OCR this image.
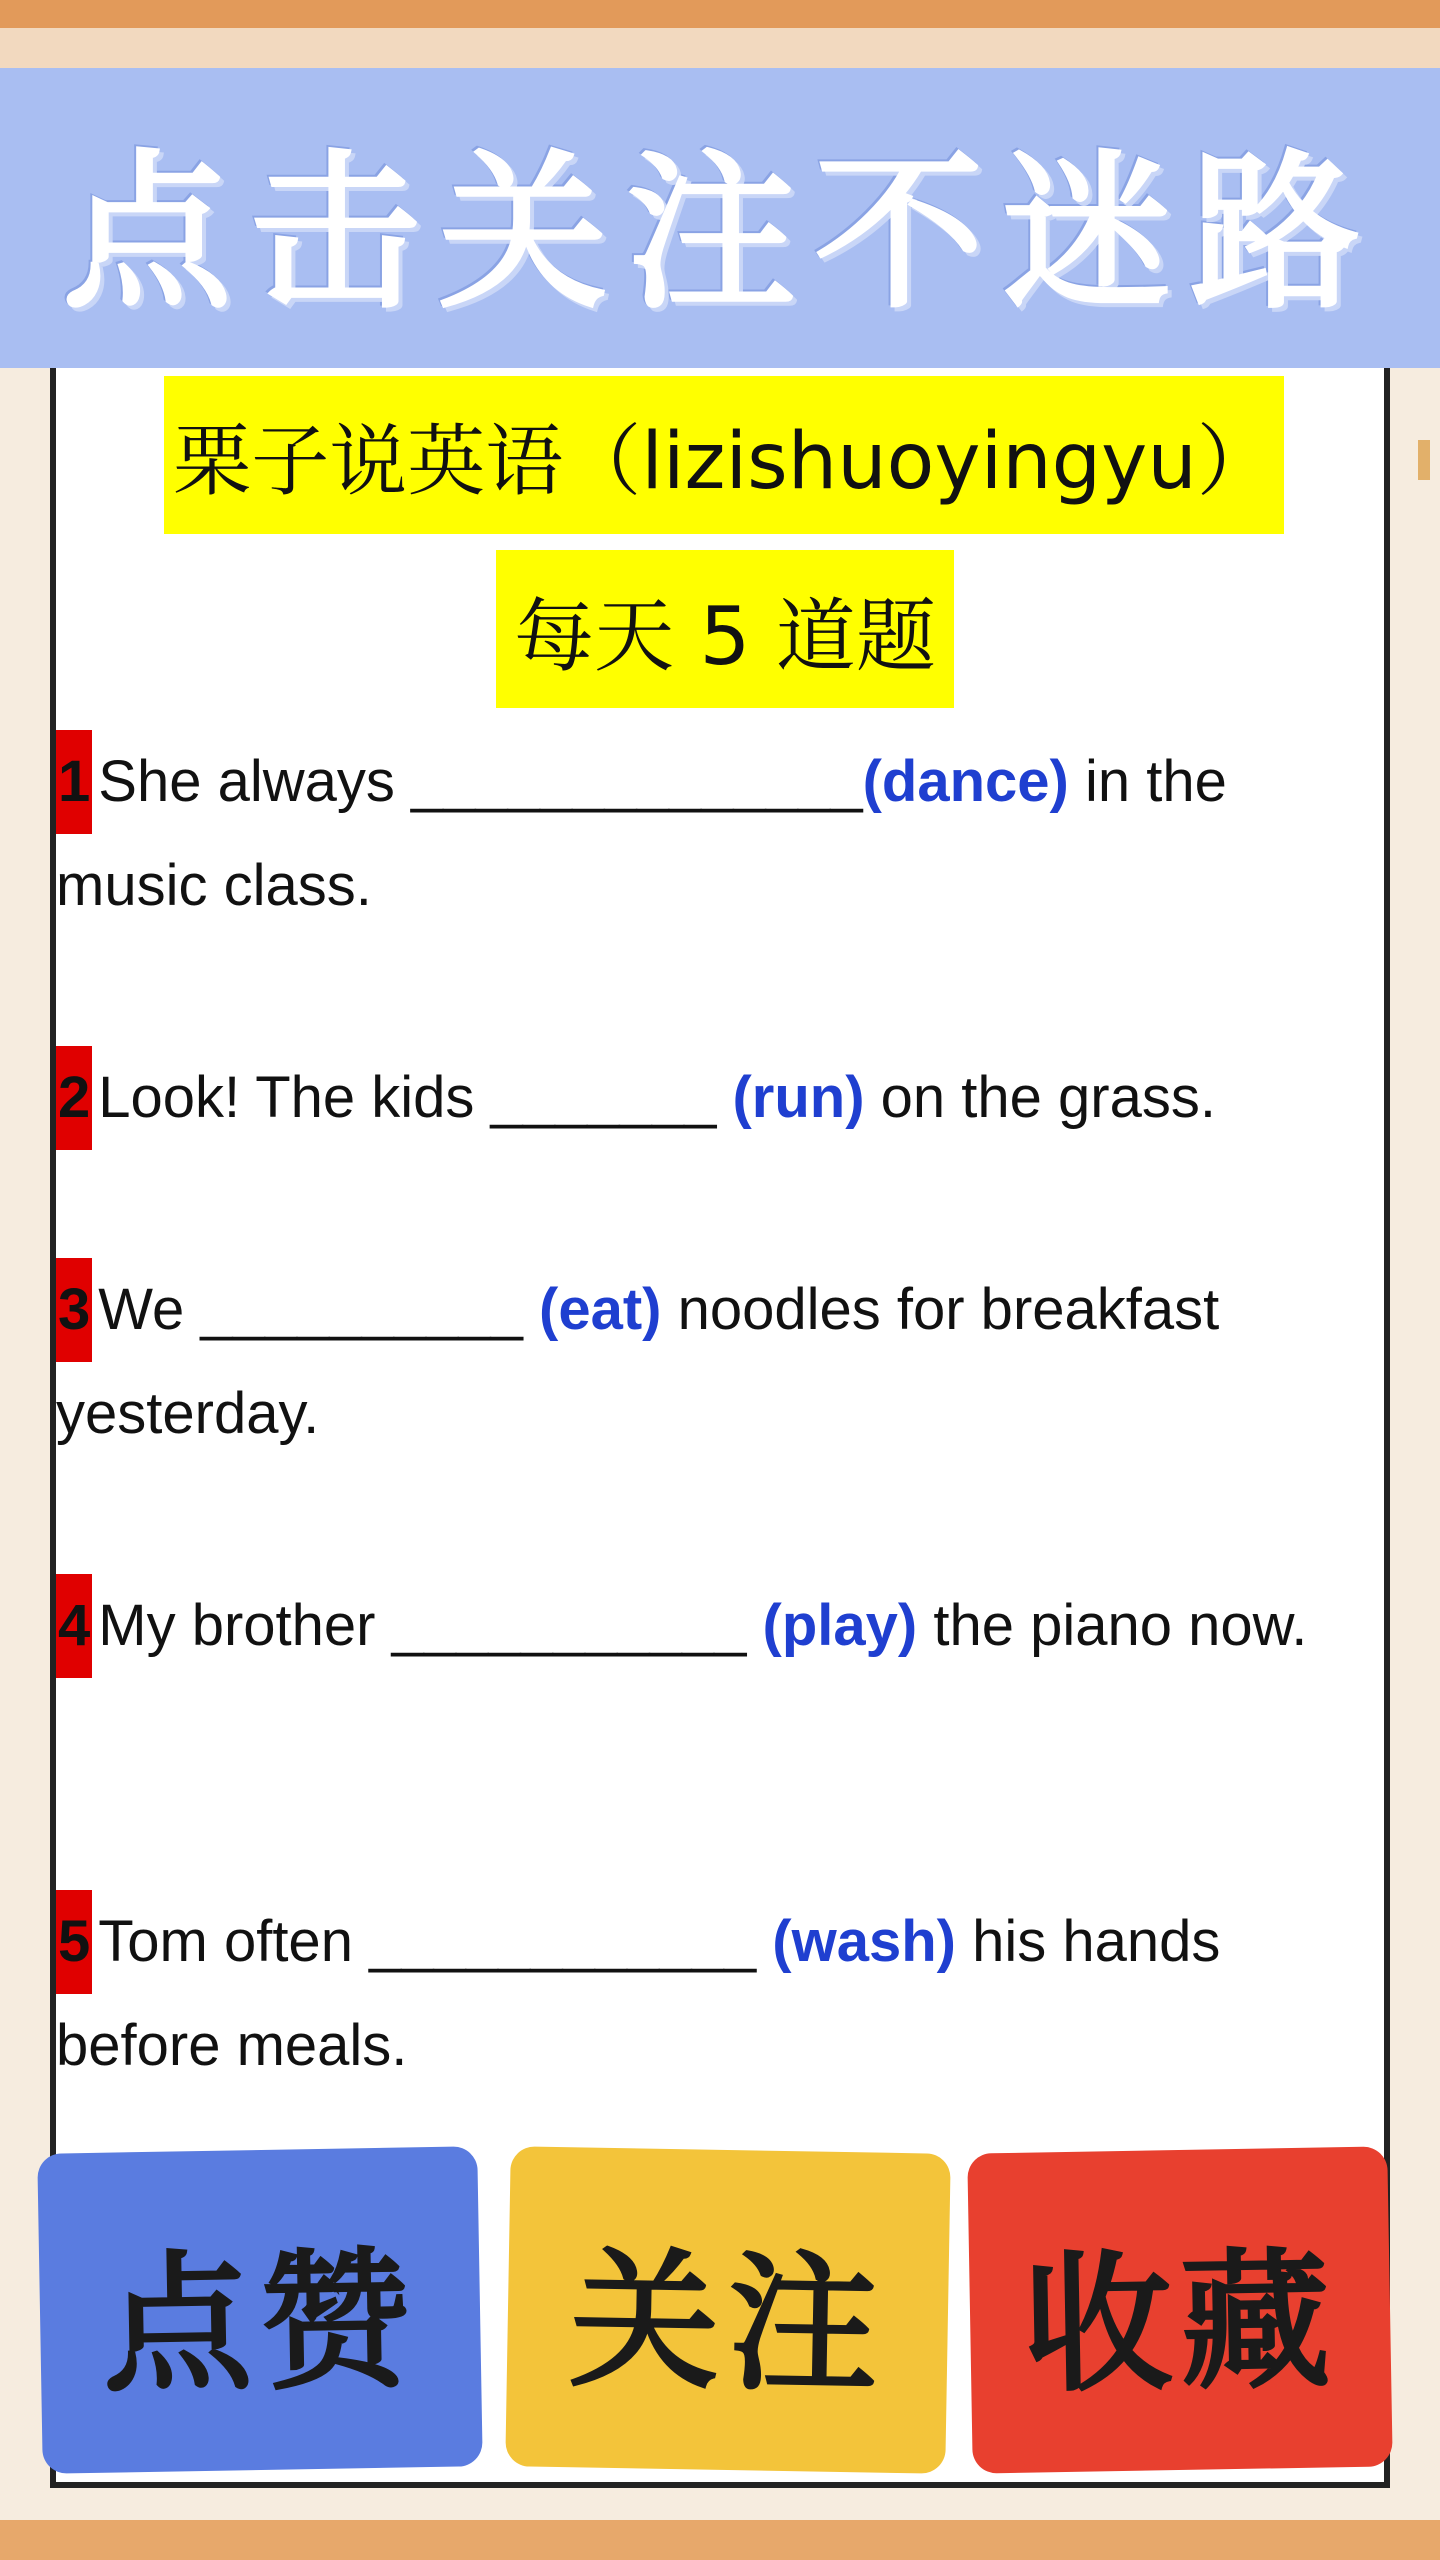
点击关注不迷路
栗子说英语（lizishuoyingyu）
每天 5 道题
1 She always ______________(dance) in the music class.
2 Look! The kids _______ (run) on the grass.
3 We __________ (eat) noodles for breakfast yesterday.
4 My brother ___________ (play) the piano now.
5 Tom often ____________ (wash) his hands before meals.
点赞 关注 收藏
